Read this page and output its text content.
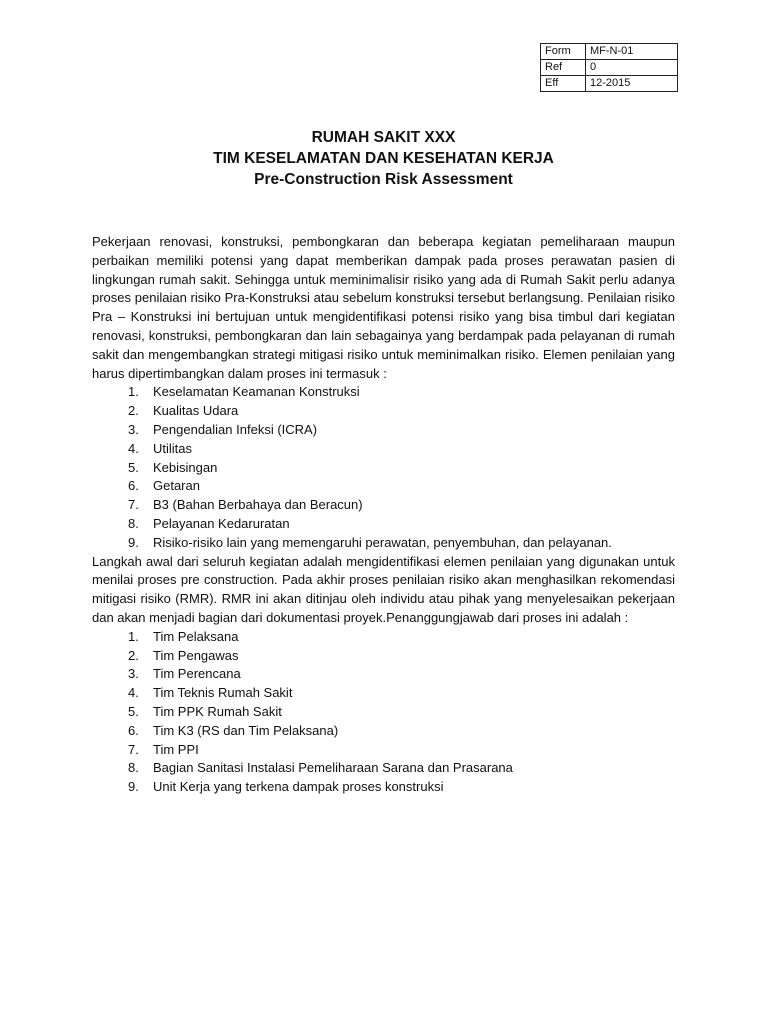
Form	MF-N-01
Ref	0
Eff	12-2015
RUMAH SAKIT XXX
TIM KESELAMATAN DAN KESEHATAN KERJA
Pre-Construction Risk Assessment

Pekerjaan renovasi, konstruksi, pembongkaran dan beberapa kegiatan pemeliharaan maupun perbaikan memiliki potensi yang dapat memberikan dampak pada proses perawatan pasien di lingkungan rumah sakit. Sehingga untuk meminimalisir risiko yang ada di Rumah Sakit perlu adanya proses penilaian risiko Pra-Konstruksi atau sebelum konstruksi tersebut berlangsung. Penilaian risiko Pra – Konstruksi ini bertujuan untuk mengidentifikasi potensi risiko yang bisa timbul dari kegiatan renovasi, konstruksi, pembongkaran dan lain sebagainya yang berdampak pada pelayanan di rumah sakit dan mengembangkan strategi mitigasi risiko untuk meminimalkan risiko. Elemen penilaian yang harus dipertimbangkan dalam proses ini termasuk :

1. Keselamatan Keamanan Konstruksi
2. Kualitas Udara
3. Pengendalian Infeksi (ICRA)
4. Utilitas
5. Kebisingan
6. Getaran
7. B3 (Bahan Berbahaya dan Beracun)
8. Pelayanan Kedaruratan
9. Risiko-risiko lain yang memengaruhi perawatan, penyembuhan, dan pelayanan.

Langkah awal dari seluruh kegiatan adalah mengidentifikasi elemen penilaian yang digunakan untuk menilai proses pre construction. Pada akhir proses penilaian risiko akan menghasilkan rekomendasi mitigasi risiko (RMR). RMR ini akan ditinjau oleh individu atau pihak yang menyelesaikan pekerjaan dan akan menjadi bagian dari dokumentasi proyek.Penanggungjawab dari proses ini adalah :

1. Tim Pelaksana
2. Tim Pengawas
3. Tim Perencana
4. Tim Teknis Rumah Sakit
5. Tim PPK Rumah Sakit
6. Tim K3 (RS dan Tim Pelaksana)
7. Tim PPI
8. Bagian Sanitasi Instalasi Pemeliharaan Sarana dan Prasarana
9. Unit Kerja yang terkena dampak proses konstruksi
